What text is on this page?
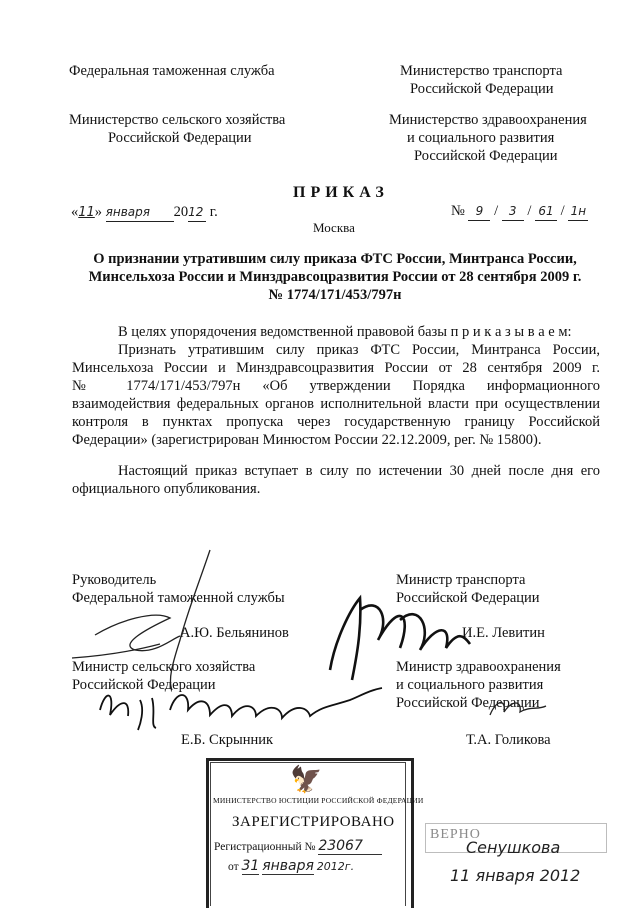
Федеральная таможенная служба
Министерство сельского хозяйства
Российской Федерации
Министерство транспорта
Российской Федерации
Министерство здравоохранения
и социального развития
Российской Федерации
ПРИКАЗ
«11» января 2012 г.	№ 9 / 3 / 61 / 1н
Москва
О признании утратившим силу приказа ФТС России, Минтранса России,
Минсельхоза России и Минздравсоцразвития России от 28 сентября 2009 г.
№ 1774/171/453/797н

В целях упорядочения ведомственной правовой базы п р и к а з ы в а е м:

Признать утратившим силу приказ ФТС России, Минтранса России,

Минсельхоза России и Минздравсоцразвития России от 28 сентября 2009 г.

№ 1774/171/453/797н «Об утверждении Порядка информационного

взаимодействия федеральных органов исполнительной власти при осуществлении

контроля в пунктах пропуска через государственную границу Российской

Федерации» (зарегистрирован Минюстом России 22.12.2009, рег. № 15800).

Настоящий приказ вступает в силу по истечении 30 дней после дня его

официального опубликования.

Руководитель
Федеральной таможенной службы
А.Ю. Бельянинов
Министр сельского хозяйства
Российской Федерации
Е.Б. Скрынник
Министр транспорта
Российской Федерации
И.Е. Левитин
Министр здравоохранения
и социального развития
Российской Федерации
Т.А. Голикова
🦅
МИНИСТЕРСТВО ЮСТИЦИИ РОССИЙСКОЙ ФЕДЕРАЦИИ
ЗАРЕГИСТРИРОВАНО
Регистрационный № 23067
от 31 января 2012г.
ВЕРНО
Сенушкова
11 января 2012
